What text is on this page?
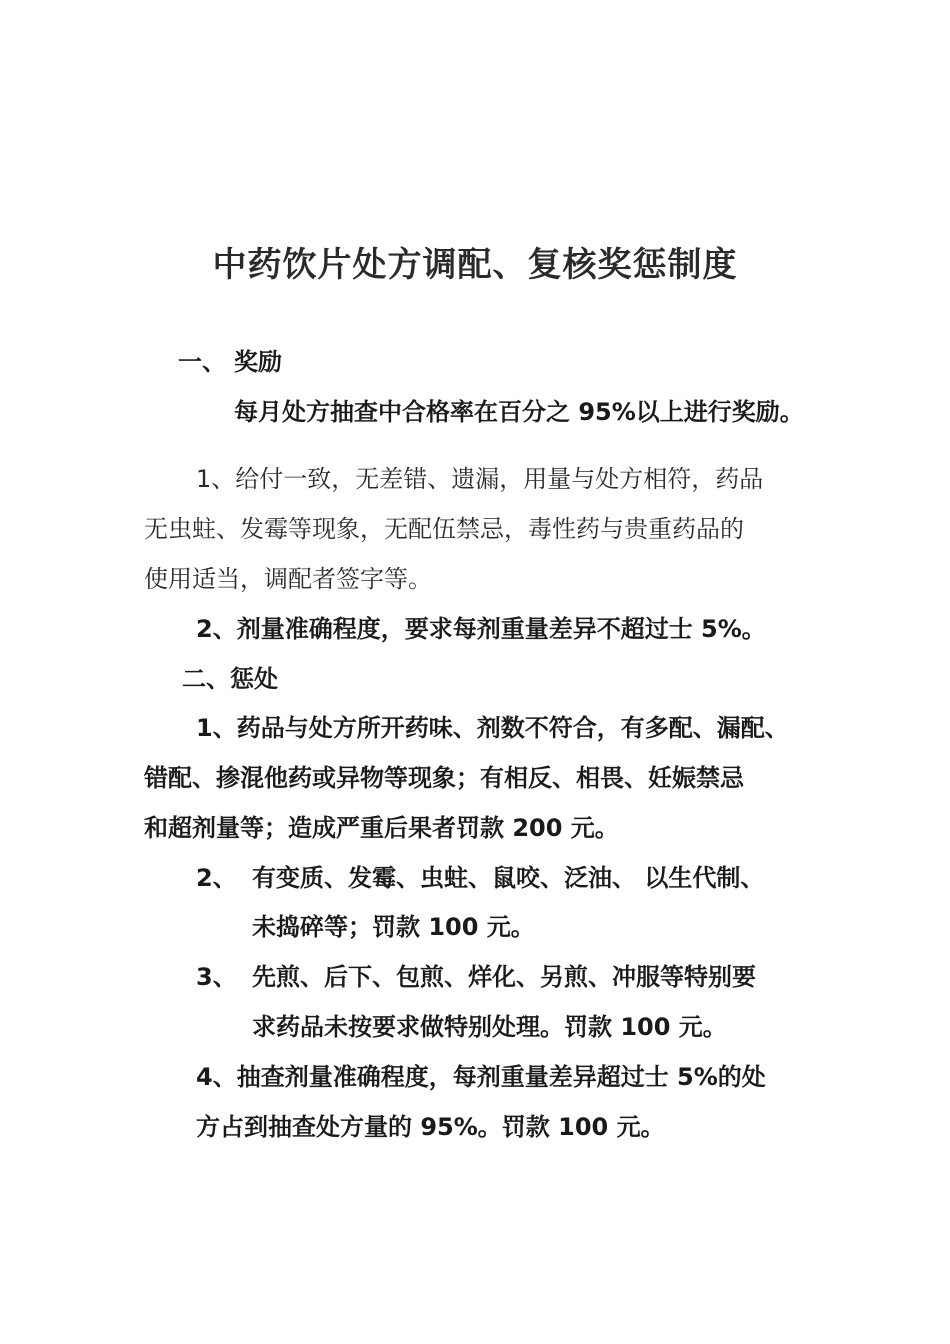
中药饮片处方调配、复核奖惩制度
一、 奖励
每月处方抽查中合格率在百分之 95%以上进行奖励。
1、给付一致，无差错、遗漏，用量与处方相符，药品
无虫蛀、发霉等现象，无配伍禁忌，毒性药与贵重药品的
使用适当，调配者签字等。
2、剂量准确程度，要求每剂重量差异不超过士 5%。
二、惩处
1、药品与处方所开药味、剂数不符合，有多配、漏配、
错配、掺混他药或异物等现象；有相反、相畏、妊娠禁忌
和超剂量等；造成严重后果者罚款 200 元。
2、 有变质、发霉、虫蛀、鼠咬、泛油、 以生代制、
未捣碎等；罚款 100 元。
3、 先煎、后下、包煎、烊化、另煎、冲服等特别要
求药品未按要求做特别处理。罚款 100 元。
4、抽查剂量准确程度，每剂重量差异超过士 5%的处
方占到抽查处方量的 95%。罚款 100 元。
